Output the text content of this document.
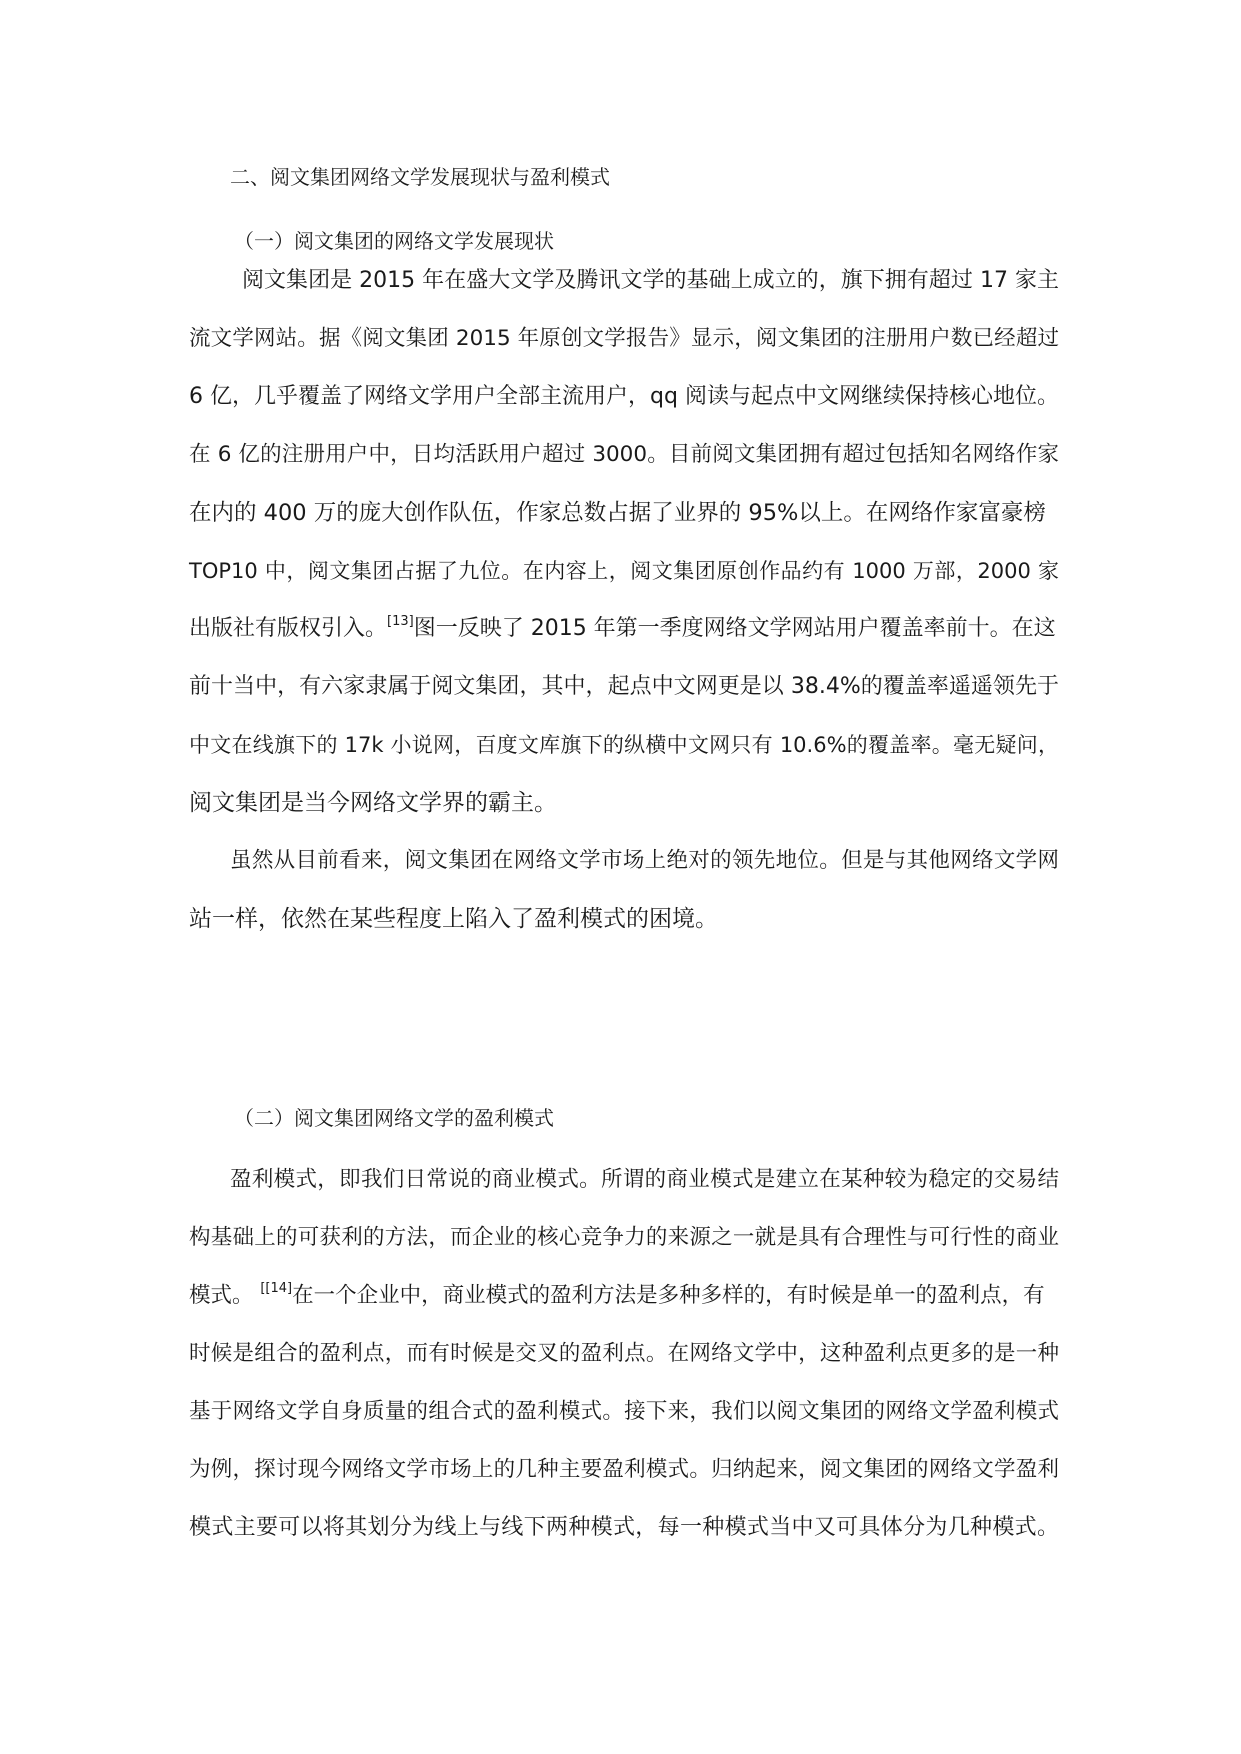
二、阅文集团网络文学发展现状与盈利模式
（一）阅文集团的网络文学发展现状
阅文集团是 2015 年在盛大文学及腾讯文学的基础上成立的，旗下拥有超过 17 家主
流文学网站。据《阅文集团 2015 年原创文学报告》显示，阅文集团的注册用户数已经超过
6 亿，几乎覆盖了网络文学用户全部主流用户，qq 阅读与起点中文网继续保持核心地位。
在 6 亿的注册用户中，日均活跃用户超过 3000。目前阅文集团拥有超过包括知名网络作家
在内的 400 万的庞大创作队伍，作家总数占据了业界的 95%以上。在网络作家富豪榜
TOP10 中，阅文集团占据了九位。在内容上，阅文集团原创作品约有 1000 万部，2000 家
出版社有版权引入。[13]图一反映了 2015 年第一季度网络文学网站用户覆盖率前十。在这
前十当中，有六家隶属于阅文集团，其中，起点中文网更是以 38.4%的覆盖率遥遥领先于
中文在线旗下的 17k 小说网，百度文库旗下的纵横中文网只有 10.6%的覆盖率。毫无疑问，
阅文集团是当今网络文学界的霸主。
虽然从目前看来，阅文集团在网络文学市场上绝对的领先地位。但是与其他网络文学网
站一样，依然在某些程度上陷入了盈利模式的困境。
（二）阅文集团网络文学的盈利模式
盈利模式，即我们日常说的商业模式。所谓的商业模式是建立在某种较为稳定的交易结
构基础上的可获利的方法，而企业的核心竞争力的来源之一就是具有合理性与可行性的商业
模式。 [[14]在一个企业中，商业模式的盈利方法是多种多样的，有时候是单一的盈利点，有
时候是组合的盈利点，而有时候是交叉的盈利点。在网络文学中，这种盈利点更多的是一种
基于网络文学自身质量的组合式的盈利模式。接下来，我们以阅文集团的网络文学盈利模式
为例，探讨现今网络文学市场上的几种主要盈利模式。归纳起来，阅文集团的网络文学盈利
模式主要可以将其划分为线上与线下两种模式，每一种模式当中又可具体分为几种模式。
